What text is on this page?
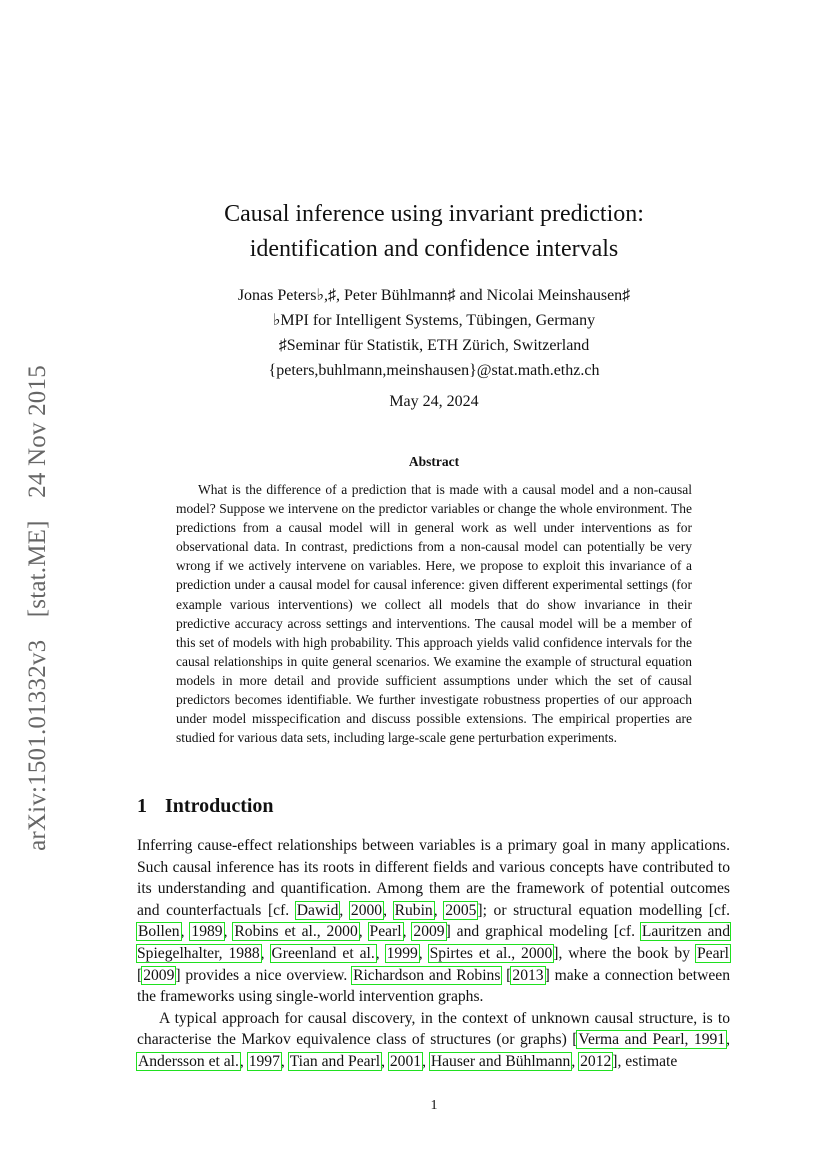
arXiv:1501.01332v3 [stat.ME] 24 Nov 2015
Causal inference using invariant prediction:
identification and confidence intervals
Jonas Peters♭,♯, Peter Bühlmann♯ and Nicolai Meinshausen♯
♭MPI for Intelligent Systems, Tübingen, Germany
♯Seminar für Statistik, ETH Zürich, Switzerland
{peters,buhlmann,meinshausen}@stat.math.ethz.ch
May 24, 2024
Abstract
What is the difference of a prediction that is made with a causal model and a non-causal model? Suppose we intervene on the predictor variables or change the whole environment. The predictions from a causal model will in general work as well under interventions as for observational data. In contrast, predictions from a non-causal model can potentially be very wrong if we actively intervene on variables. Here, we propose to exploit this invariance of a prediction under a causal model for causal inference: given different experimental settings (for example various interventions) we collect all models that do show invariance in their predictive accuracy across settings and interventions. The causal model will be a member of this set of models with high probability. This approach yields valid confidence intervals for the causal relationships in quite general scenarios. We examine the example of structural equation models in more detail and provide sufficient assumptions under which the set of causal predictors becomes identifiable. We further investigate robustness properties of our approach under model misspecification and discuss possible extensions. The empirical properties are studied for various data sets, including large-scale gene perturbation experiments.
1 Introduction

Inferring cause-effect relationships between variables is a primary goal in many applications. Such causal inference has its roots in different fields and various concepts have contributed to its understanding and quantification. Among them are the framework of potential outcomes and counterfactuals [cf. Dawid, 2000, Rubin, 2005]; or structural equation modelling [cf. Bollen, 1989, Robins et al., 2000, Pearl, 2009] and graphical modeling [cf. Lauritzen and Spiegelhalter, 1988, Greenland et al., 1999, Spirtes et al., 2000], where the book by Pearl [2009] provides a nice overview. Richardson and Robins [2013] make a connection between the frameworks using single-world intervention graphs.

A typical approach for causal discovery, in the context of unknown causal structure, is to characterise the Markov equivalence class of structures (or graphs) [Verma and Pearl, 1991, Andersson et al., 1997, Tian and Pearl, 2001, Hauser and Bühlmann, 2012], estimate

1
